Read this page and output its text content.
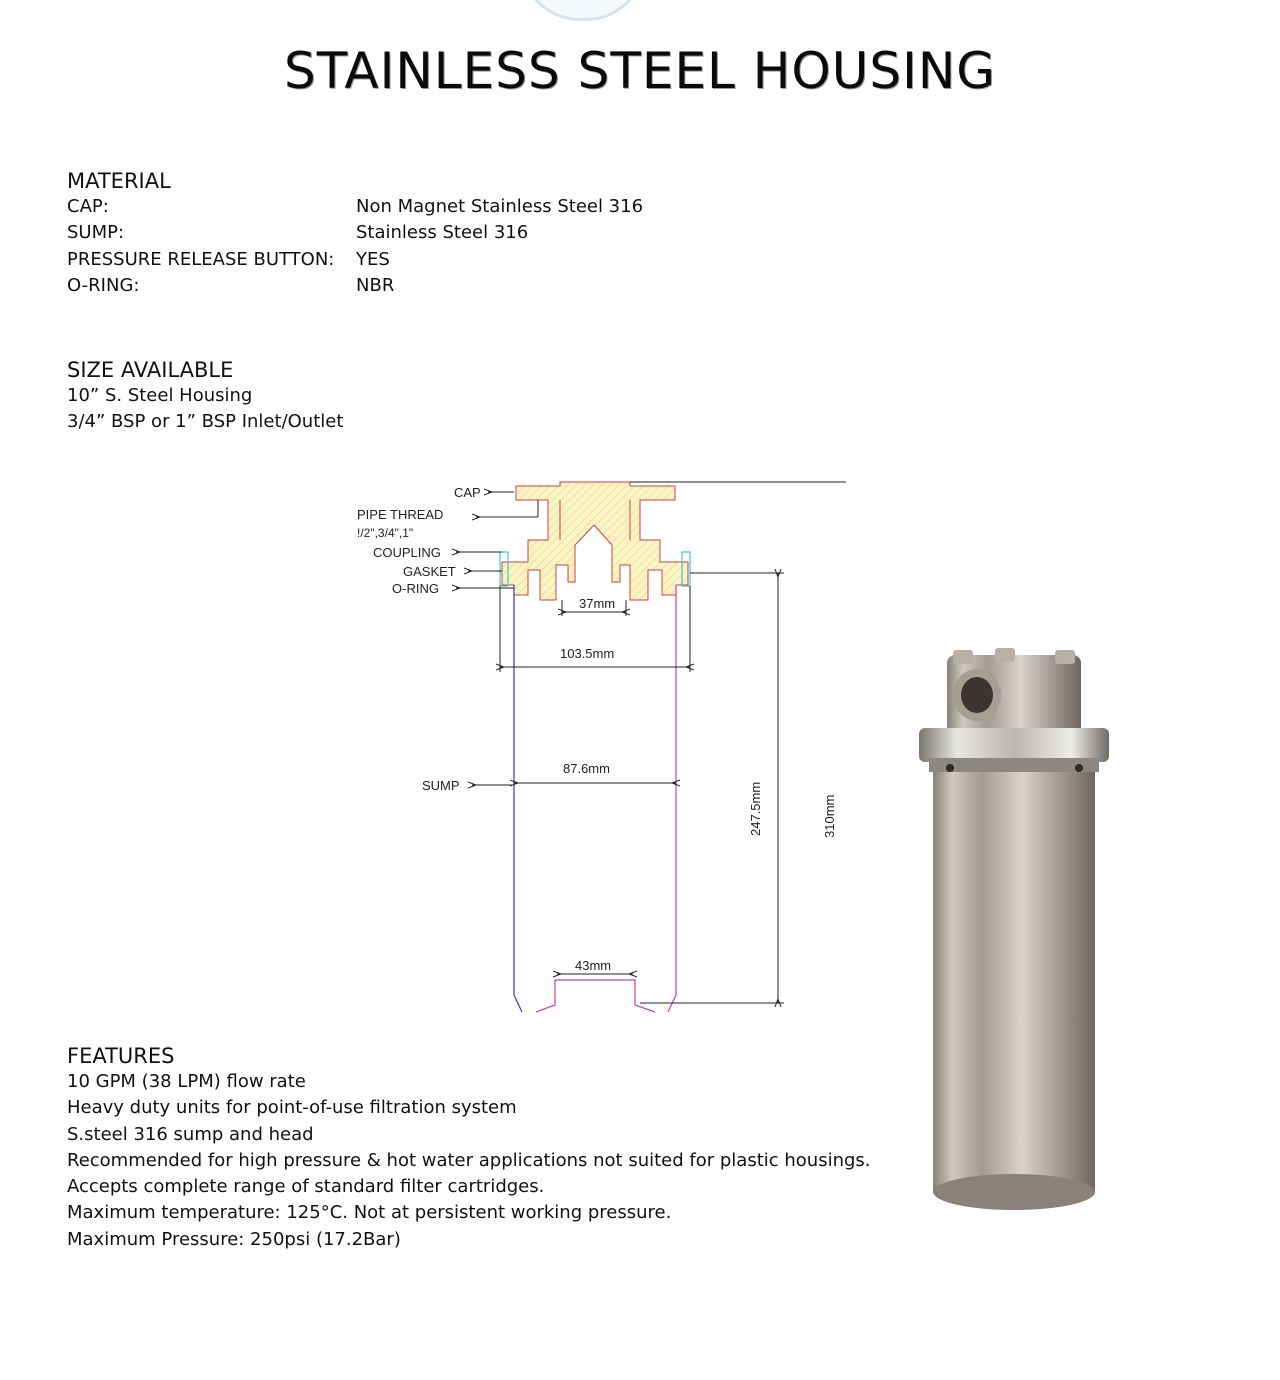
STAINLESS STEEL HOUSING
MATERIAL
CAP:	Non Magnet Stainless Steel 316
SUMP:	Stainless Steel 316
PRESSURE RELEASE BUTTON:	YES
O-RING:	NBR
SIZE AVAILABLE
10” S. Steel Housing
3/4” BSP or 1” BSP Inlet/Outlet
CAP
PIPE THREAD
!/2",3/4",1"
COUPLING
GASKET
O-RING
SUMP
37mm
103.5mm
87.6mm
43mm
247.5mm	310mm
FEATURES
10 GPM (38 LPM) flow rate
Heavy duty units for point-of-use filtration system
S.steel 316 sump and head
Recommended for high pressure & hot water applications not suited for plastic housings.
Accepts complete range of standard filter cartridges.
Maximum temperature: 125°C. Not at persistent working pressure.
Maximum Pressure: 250psi (17.2Bar)
